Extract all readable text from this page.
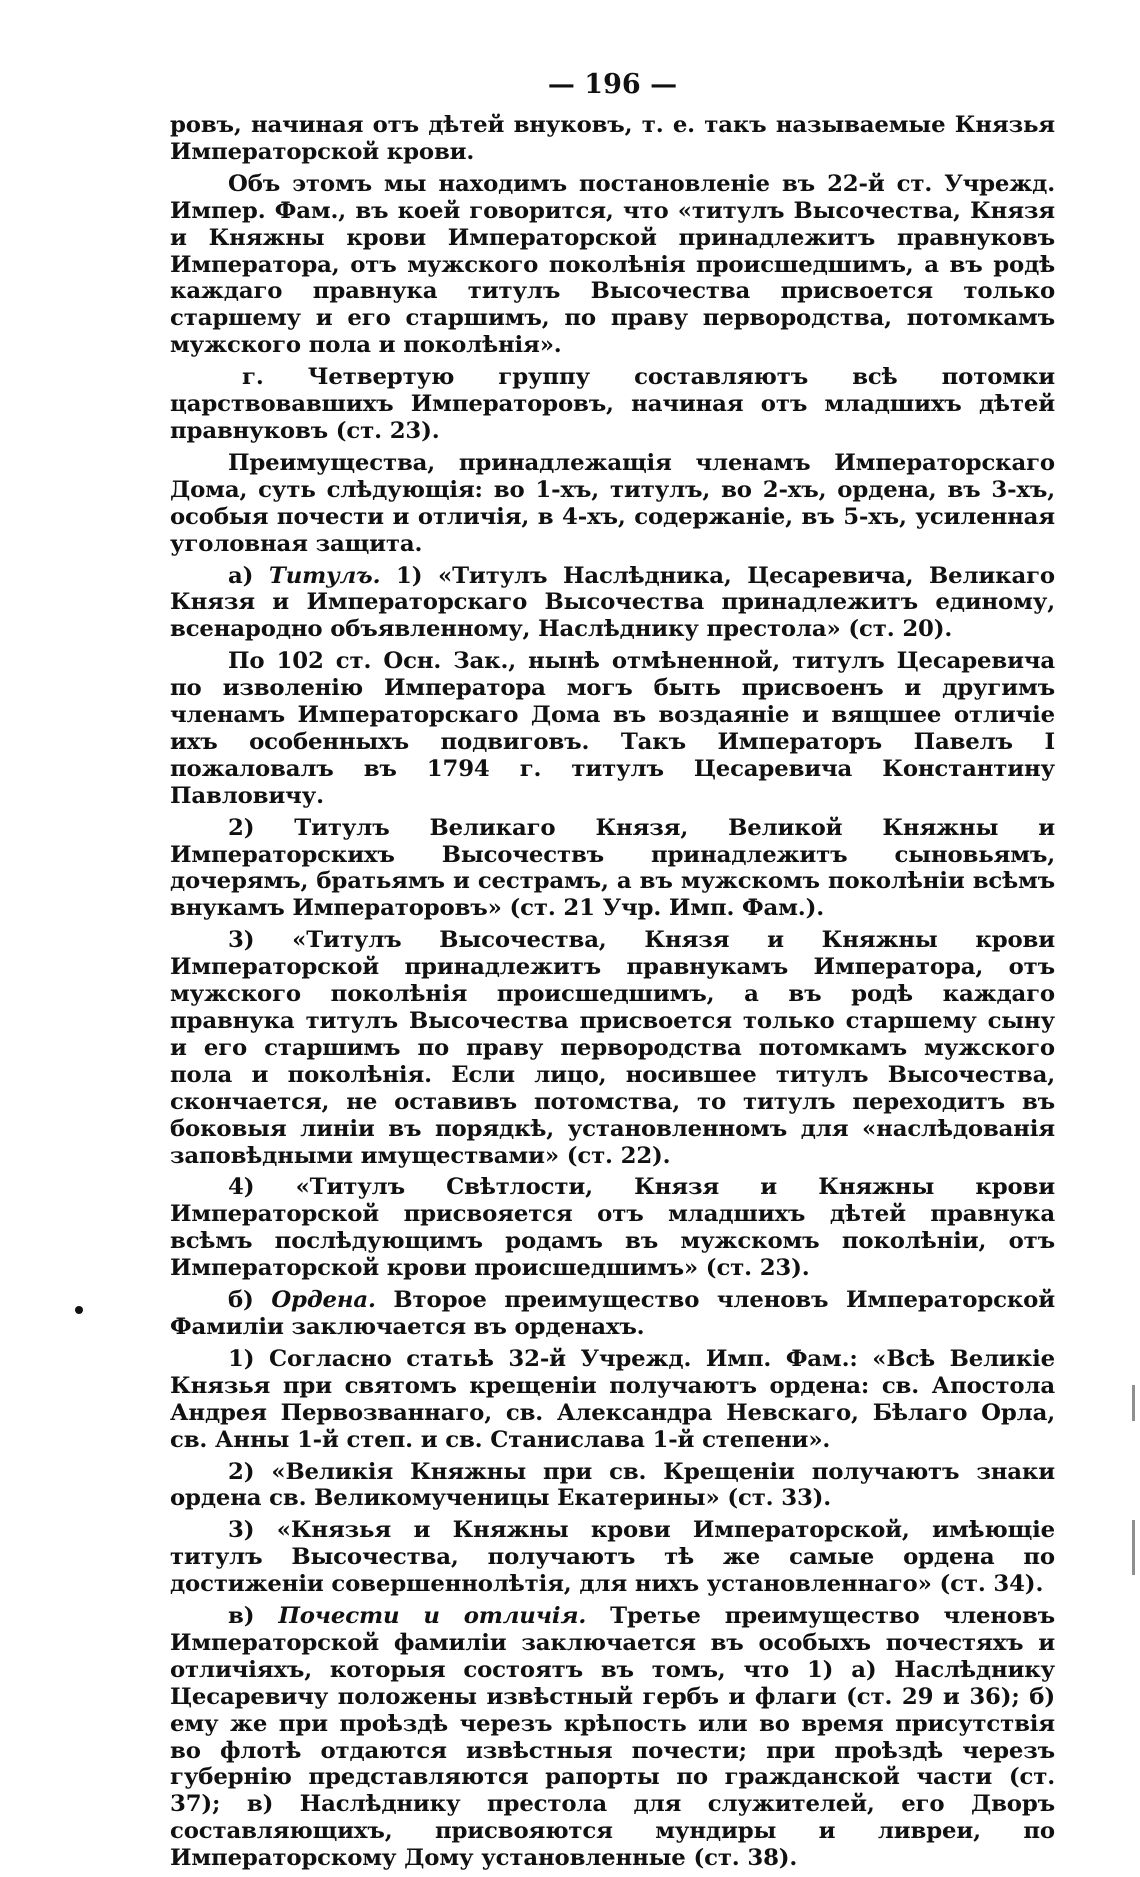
— 196 —

ровъ, начиная отъ дѣтей внуковъ, т. е. такъ называемые Князья Императорской крови.

Объ этомъ мы находимъ постановленіе въ 22-й ст. Учрежд. Импер. Фам., въ коей говорится, что «титулъ Высочества, Князя и Княжны крови Императорской принадлежитъ правнуковъ Императора, отъ мужского поколѣнія происшедшимъ, а въ родѣ каждаго правнука титулъ Высочества присвоется только старшему и его старшимъ, по праву первородства, потомкамъ мужского пола и поколѣнія».

г. Четвертую группу составляютъ всѣ потомки царствовавшихъ Императоровъ, начиная отъ младшихъ дѣтей правнуковъ (ст. 23).

Преимущества, принадлежащія членамъ Императорскаго Дома, суть слѣдующія: во 1-хъ, титулъ, во 2-хъ, ордена, въ 3-хъ, особыя почести и отличія, в 4-хъ, содержаніе, въ 5-хъ, усиленная уголовная защита.

а) Титулъ. 1) «Титулъ Наслѣдника, Цесаревича, Великаго Князя и Императорскаго Высочества принадлежитъ единому, всенародно объявленному, Наслѣднику престола» (ст. 20).

По 102 ст. Осн. Зак., нынѣ отмѣненной, титулъ Цесаревича по изволенію Императора могъ быть присвоенъ и другимъ членамъ Императорскаго Дома въ воздаяніе и вящшее отличіе ихъ особенныхъ подвиговъ. Такъ Императоръ Павелъ I пожаловалъ въ 1794 г. титулъ Цесаревича Константину Павловичу.

2) Титулъ Великаго Князя, Великой Княжны и Императорскихъ Высочествъ принадлежитъ сыновьямъ, дочерямъ, братьямъ и сестрамъ, а въ мужскомъ поколѣніи всѣмъ внукамъ Императоровъ» (ст. 21 Учр. Имп. Фам.).

3) «Титулъ Высочества, Князя и Княжны крови Императорской принадлежитъ правнукамъ Императора, отъ мужского поколѣнія происшедшимъ, а въ родѣ каждаго правнука титулъ Высочества присвоется только старшему сыну и его старшимъ по праву первородства потомкамъ мужского пола и поколѣнія. Если лицо, носившее титулъ Высочества, скончается, не оставивъ потомства, то титулъ переходитъ въ боковыя линіи въ порядкѣ, установленномъ для «наслѣдованія заповѣдными имуществами» (ст. 22).

4) «Титулъ Свѣтлости, Князя и Княжны крови Императорской присвояется отъ младшихъ дѣтей правнука всѣмъ послѣдующимъ родамъ въ мужскомъ поколѣніи, отъ Императорской крови происшедшимъ» (ст. 23).

б) Ордена. Второе преимущество членовъ Императорской Фамиліи заключается въ орденахъ.

1) Согласно статьѣ 32-й Учрежд. Имп. Фам.: «Всѣ Великіе Князья при святомъ крещеніи получаютъ ордена: св. Апостола Андрея Первозваннаго, св. Александра Невскаго, Бѣлаго Орла, св. Анны 1-й степ. и св. Станислава 1-й степени».

2) «Великія Княжны при св. Крещеніи получаютъ знаки ордена св. Великомученицы Екатерины» (ст. 33).

3) «Князья и Княжны крови Императорской, имѣющіе титулъ Высочества, получаютъ тѣ же самые ордена по достиженіи совершеннолѣтія, для нихъ установленнаго» (ст. 34).

в) Почести и отличія. Третье преимущество членовъ Императорской фамиліи заключается въ особыхъ почестяхъ и отличіяхъ, которыя состоятъ въ томъ, что 1) а) Наслѣднику Цесаревичу положены извѣстный гербъ и флаги (ст. 29 и 36); б) ему же при проѣздѣ черезъ крѣпость или во время присутствія во флотѣ отдаются извѣстныя почести; при проѣздѣ черезъ губернію представляются рапорты по гражданской части (ст. 37); в) Наслѣднику престола для служителей, его Дворъ составляющихъ, присвояются мундиры и ливреи, по Императорскому Дому установленные (ст. 38).
